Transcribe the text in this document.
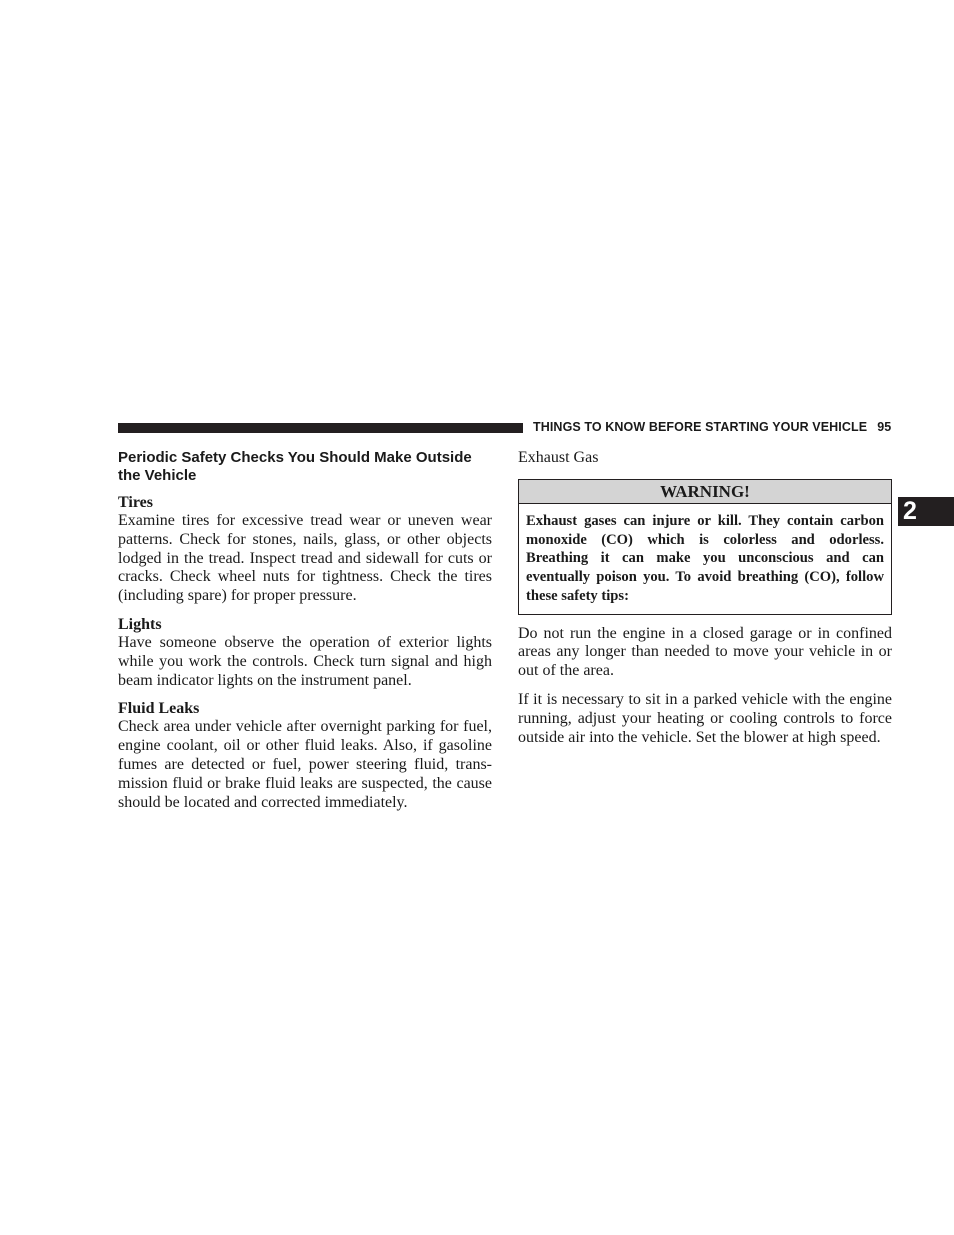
THINGS TO KNOW BEFORE STARTING YOUR VEHICLE 95
2
Periodic Safety Checks You Should Make Outside the Vehicle
Tires

Examine tires for excessive tread wear or uneven wear patterns. Check for stones, nails, glass, or other objects lodged in the tread. Inspect tread and sidewall for cuts or cracks. Check wheel nuts for tightness. Check the tires (including spare) for proper pressure.

Lights

Have someone observe the operation of exterior lights while you work the controls. Check turn signal and high beam indicator lights on the instrument panel.

Fluid Leaks

Check area under vehicle after overnight parking for fuel, engine coolant, oil or other fluid leaks. Also, if gasoline fumes are detected or fuel, power steering fluid, trans-mission fluid or brake fluid leaks are suspected, the cause should be located and corrected immediately.

Exhaust Gas
WARNING!
Exhaust gases can injure or kill. They contain carbon monoxide (CO) which is colorless and odorless. Breathing it can make you unconscious and can eventually poison you. To avoid breathing (CO), follow these safety tips:

Do not run the engine in a closed garage or in confined areas any longer than needed to move your vehicle in or out of the area.

If it is necessary to sit in a parked vehicle with the engine running, adjust your heating or cooling controls to force outside air into the vehicle. Set the blower at high speed.
